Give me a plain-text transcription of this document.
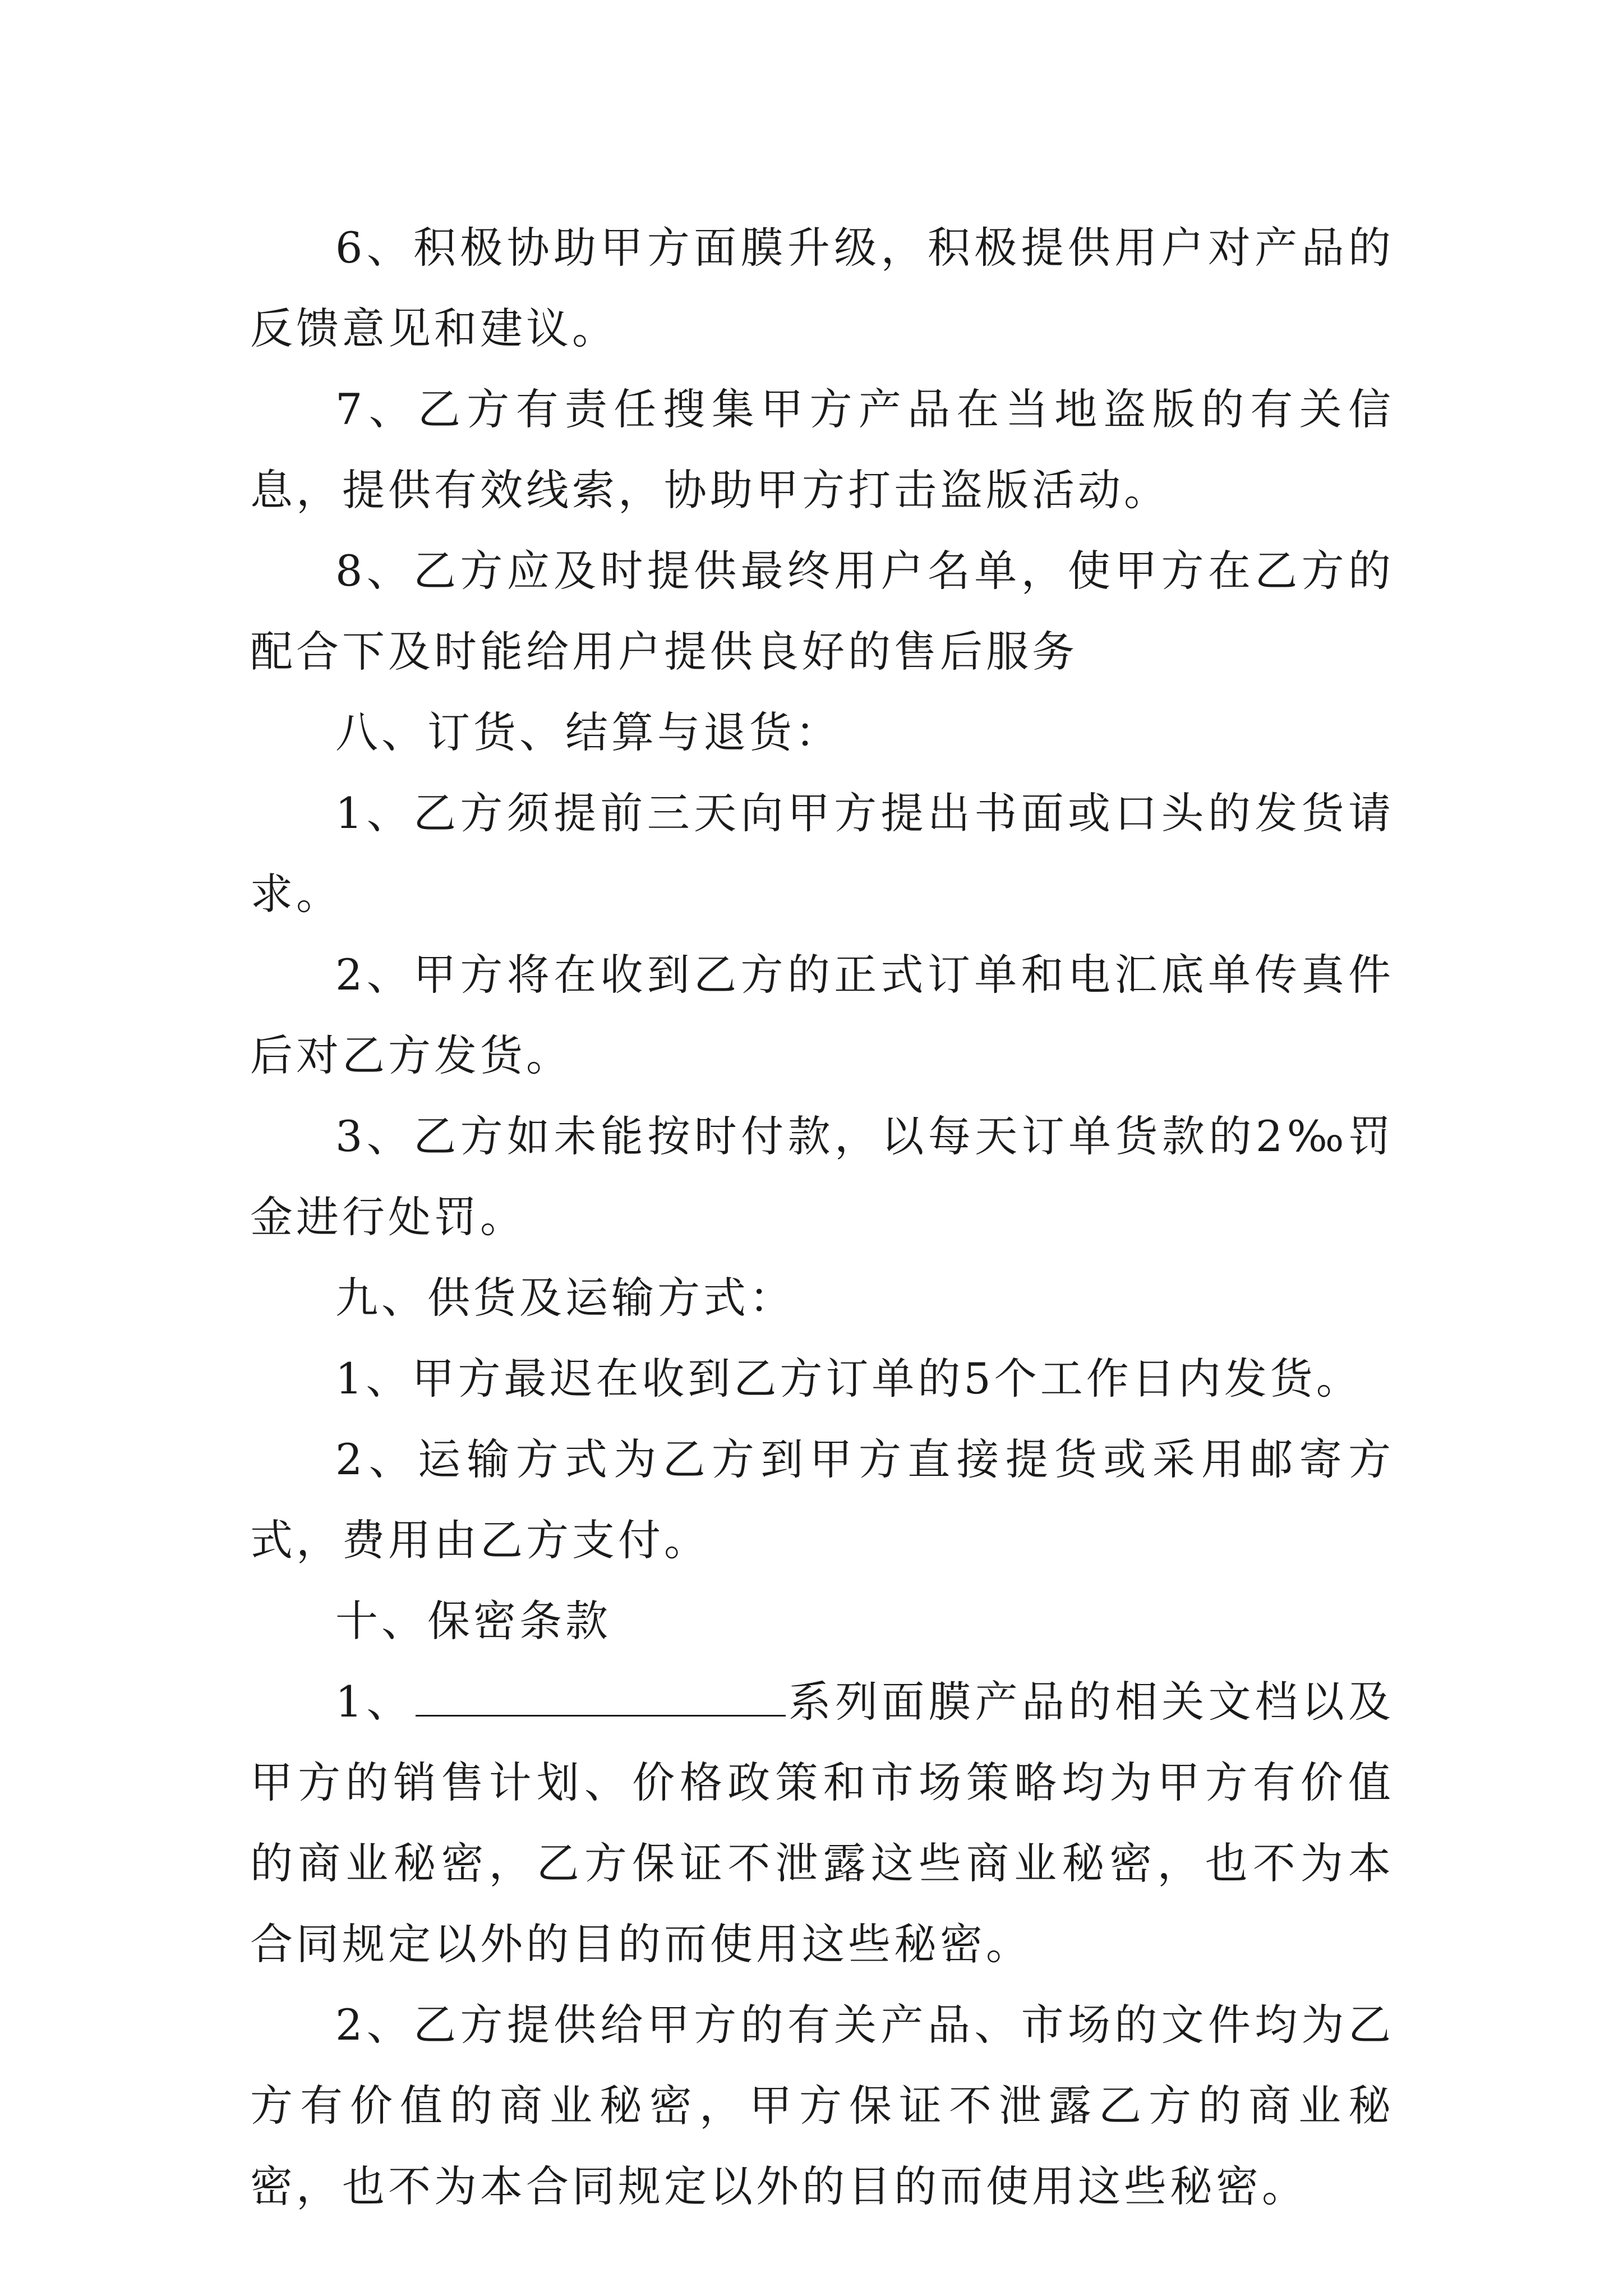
6、积极协助甲方面膜升级，积极提供用户对产品的反馈意见和建议。

7、乙方有责任搜集甲方产品在当地盗版的有关信息，提供有效线索，协助甲方打击盗版活动。

8、乙方应及时提供最终用户名单，使甲方在乙方的配合下及时能给用户提供良好的售后服务

八、订货、结算与退货：

1、乙方须提前三天向甲方提出书面或口头的发货请求。

2、甲方将在收到乙方的正式订单和电汇底单传真件后对乙方发货。

3、乙方如未能按时付款，以每天订单货款的2‰罚金进行处罚。

九、供货及运输方式：

1、甲方最迟在收到乙方订单的5个工作日内发货。

2、运输方式为乙方到甲方直接提货或采用邮寄方式，费用由乙方支付。

十、保密条款

1、	系列面膜产品的相关文档以及甲方的销售计划、价格政策和市场策略均为甲方有价值的商业秘密，乙方保证不泄露这些商业秘密，也不为本合同规定以外的目的而使用这些秘密。

2、乙方提供给甲方的有关产品、市场的文件均为乙方有价值的商业秘密，甲方保证不泄露乙方的商业秘密，也不为本合同规定以外的目的而使用这些秘密。
